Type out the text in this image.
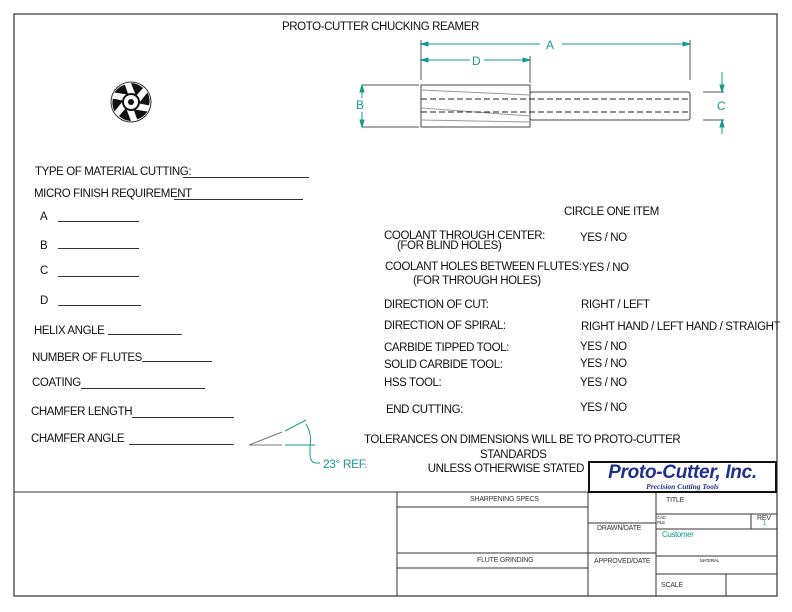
PROTO-CUTTER CHUCKING REAMER
A
D
B	C
23° REF.
TYPE OF MATERIAL CUTTING:
MICRO FINISH REQUIREMENT
A
B
C
D
HELIX ANGLE
NUMBER OF FLUTES
COATING
CHAMFER LENGTH
CHAMFER ANGLE
CIRCLE ONE ITEM
COOLANT THROUGH CENTER:
(FOR BLIND HOLES)
YES / NO
COOLANT HOLES BETWEEN FLUTES:
(FOR THROUGH HOLES)
YES / NO
DIRECTION OF CUT:	RIGHT / LEFT
DIRECTION OF SPIRAL:	RIGHT HAND / LEFT HAND / STRAIGHT
CARBIDE TIPPED TOOL:	YES / NO
SOLID CARBIDE TOOL:	YES / NO
HSS TOOL:	YES / NO
END CUTTING:	YES / NO
TOLERANCES ON DIMENSIONS WILL BE TO PROTO-CUTTER
STANDARDS
UNLESS OTHERWISE STATED	Proto-Cutter, Inc.
Precision Cutting Tools
SHARPENING SPECS
FLUTE GRINDING
DRAWN/DATE
APPROVED/DATE
TITLE
CAD FILE	REV
1
Customer
MATERIAL
SCALE
